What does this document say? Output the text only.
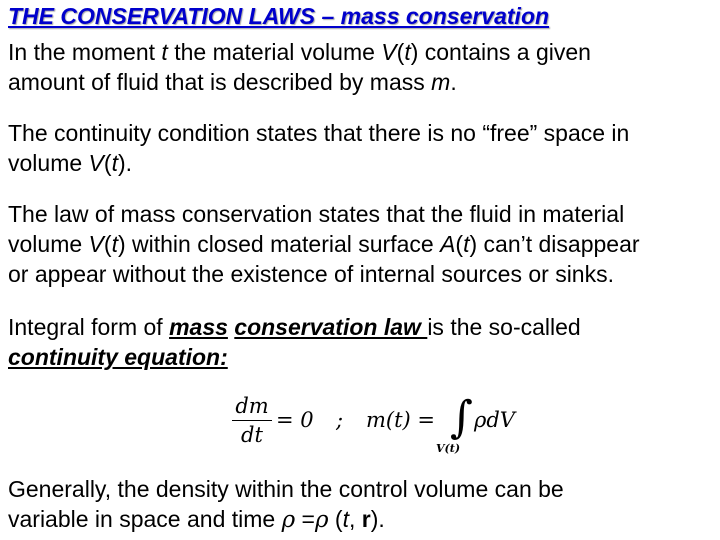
THE CONSERVATION LAWS – mass conservation
In the moment t the material volume V(t) contains a given
amount of fluid that is described by mass m.
The continuity condition states that there is no “free” space in
volume V(t).
The law of mass conservation states that the fluid in material
volume V(t) within closed material surface A(t) can’t disappear
or appear without the existence of internal sources or sinks.
Integral form of mass conservation law is the so-called
continuity equation:
dm
dt
= 0 ; m(t) = ∫
V(t)
ρdV
Generally, the density within the control volume can be
variable in space and time ρ =ρ (t, r).
